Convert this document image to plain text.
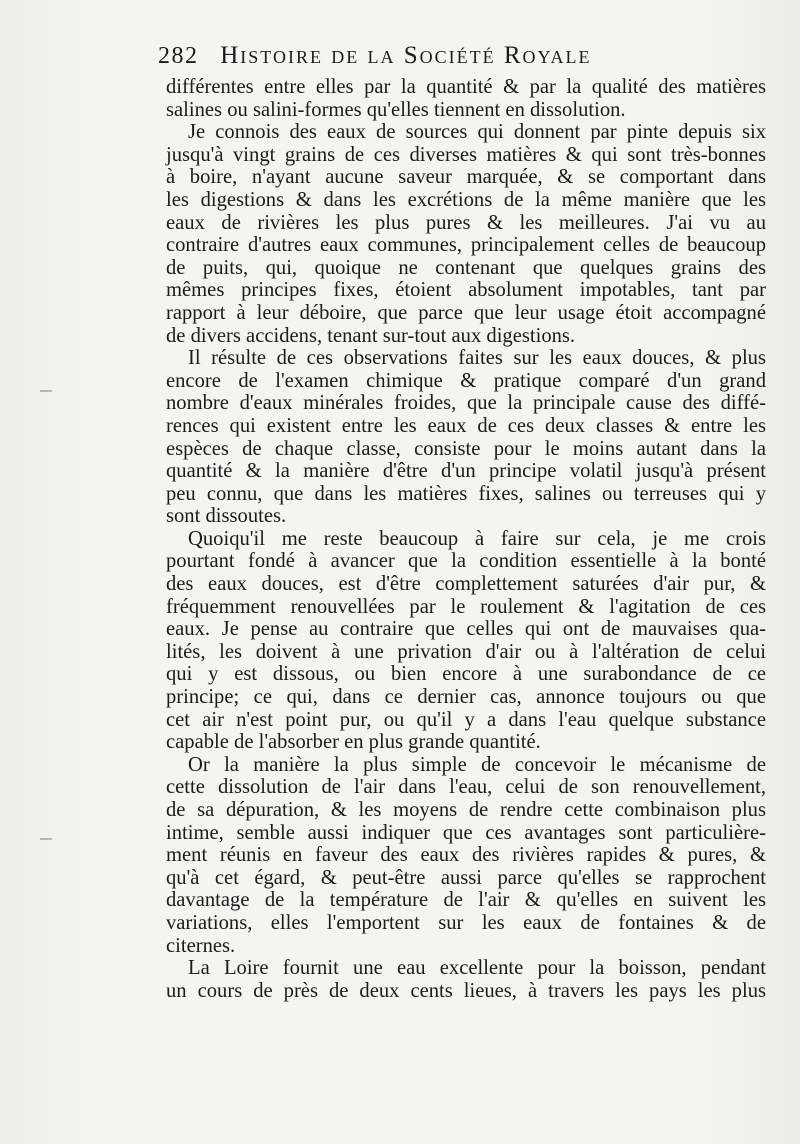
282 Histoire de la Société Royale
différentes entre elles par la quantité & par la qualité des matières
salines ou salini-formes qu'elles tiennent en dissolution.
Je connois des eaux de sources qui donnent par pinte depuis six
jusqu'à vingt grains de ces diverses matières & qui sont très-bonnes
à boire, n'ayant aucune saveur marquée, & se comportant dans
les digestions & dans les excrétions de la même manière que les
eaux de rivières les plus pures & les meilleures. J'ai vu au
contraire d'autres eaux communes, principalement celles de beaucoup
de puits, qui, quoique ne contenant que quelques grains des
mêmes principes fixes, étoient absolument impotables, tant par
rapport à leur déboire, que parce que leur usage étoit accompagné
de divers accidens, tenant sur-tout aux digestions.
Il résulte de ces observations faites sur les eaux douces, & plus
encore de l'examen chimique & pratique comparé d'un grand
nombre d'eaux minérales froides, que la principale cause des diffé-
rences qui existent entre les eaux de ces deux classes & entre les
espèces de chaque classe, consiste pour le moins autant dans la
quantité & la manière d'être d'un principe volatil jusqu'à présent
peu connu, que dans les matières fixes, salines ou terreuses qui y
sont dissoutes.
Quoiqu'il me reste beaucoup à faire sur cela, je me crois
pourtant fondé à avancer que la condition essentielle à la bonté
des eaux douces, est d'être complettement saturées d'air pur, &
fréquemment renouvellées par le roulement & l'agitation de ces
eaux. Je pense au contraire que celles qui ont de mauvaises qua-
lités, les doivent à une privation d'air ou à l'altération de celui
qui y est dissous, ou bien encore à une surabondance de ce
principe; ce qui, dans ce dernier cas, annonce toujours ou que
cet air n'est point pur, ou qu'il y a dans l'eau quelque substance
capable de l'absorber en plus grande quantité.
Or la manière la plus simple de concevoir le mécanisme de
cette dissolution de l'air dans l'eau, celui de son renouvellement,
de sa dépuration, & les moyens de rendre cette combinaison plus
intime, semble aussi indiquer que ces avantages sont particulière-
ment réunis en faveur des eaux des rivières rapides & pures, &
qu'à cet égard, & peut-être aussi parce qu'elles se rapprochent
davantage de la température de l'air & qu'elles en suivent les
variations, elles l'emportent sur les eaux de fontaines & de
citernes.
La Loire fournit une eau excellente pour la boisson, pendant
un cours de près de deux cents lieues, à travers les pays les plus
